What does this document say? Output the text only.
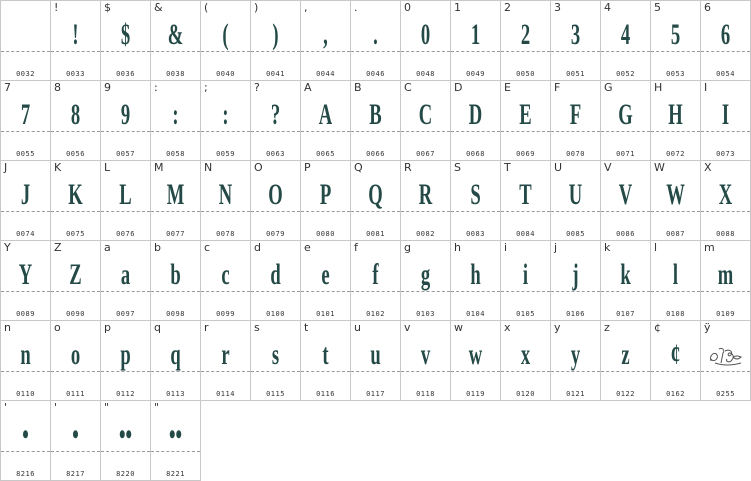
0032
!
!
0033
$
$
0036
&
&
0038
(
(
0040
)
)
0041
,
,
0044
.
.
0046
0
0
0048
1
1
0049
2
2
0050
3
3
0051
4
4
0052
5
5
0053
6
6
0054
7
7
0055
8
8
0056
9
9
0057
:
:
0058
;
:
0059
?
?
0063
A
A
0065
B
B
0066
C
C
0067
D
D
0068
E
E
0069
F
F
0070
G
G
0071
H
H
0072
I
I
0073
J
J
0074
K
K
0075
L
L
0076
M
M
0077
N
N
0078
O
O
0079
P
P
0080
Q
Q
0081
R
R
0082
S
S
0083
T
T
0084
U
U
0085
V
V
0086
W
W
0087
X
X
0088
Y
Y
0089
Z
Z
0090
a
a
0097
b
b
0098
c
c
0099
d
d
0100
e
e
0101
f
f
0102
g
g
0103
h
h
0104
i
i
0105
j
j
0106
k
k
0107
l
l
0108
m
m
0109
n
n
0110
o
o
0111
p
p
0112
q
q
0113
r
r
0114
s
s
0115
t
t
0116
u
u
0117
v
v
0118
w
w
0119
x
x
0120
y
y
0121
z
z
0122
¢
¢
0162
ÿ
0255
'
•
8216
'
•
8217
"
••
8220
"
••
8221
